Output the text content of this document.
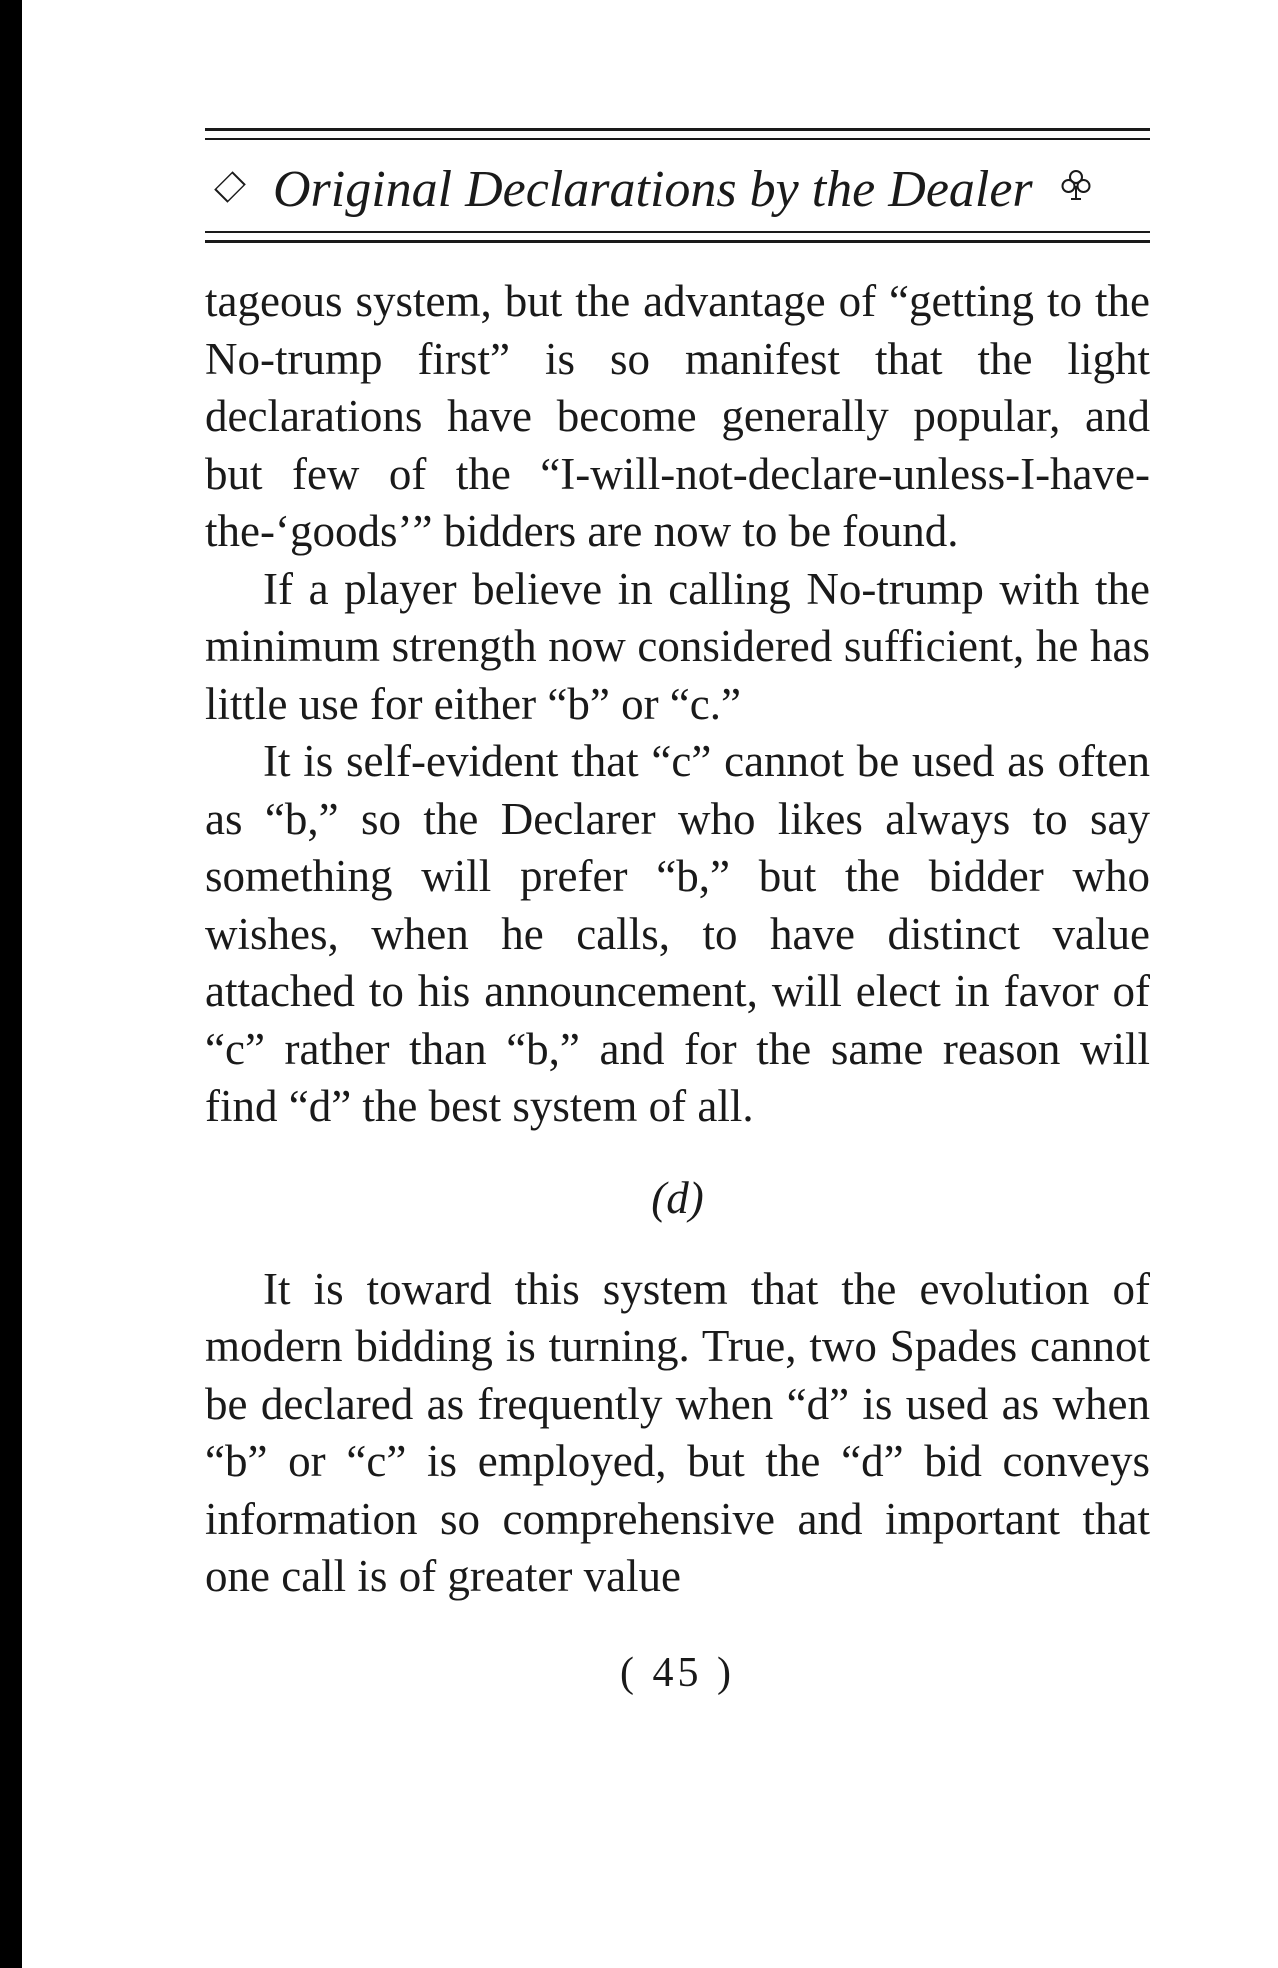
Original Declarations by the Dealer

tageous system, but the advantage of “getting to the No-trump first” is so manifest that the light declarations have become generally popular, and but few of the “I-will-not-declare-unless-I-have-the-‘goods’” bidders are now to be found.

If a player believe in calling No-trump with the minimum strength now considered sufficient, he has little use for either “b” or “c.”

It is self-evident that “c” cannot be used as often as “b,” so the Declarer who likes always to say something will prefer “b,” but the bidder who wishes, when he calls, to have distinct value attached to his announcement, will elect in favor of “c” rather than “b,” and for the same reason will find “d” the best system of all.

(d)

It is toward this system that the evolution of modern bidding is turning. True, two Spades cannot be declared as frequently when “d” is used as when “b” or “c” is employed, but the “d” bid conveys information so comprehensive and important that one call is of greater value

( 45 )
